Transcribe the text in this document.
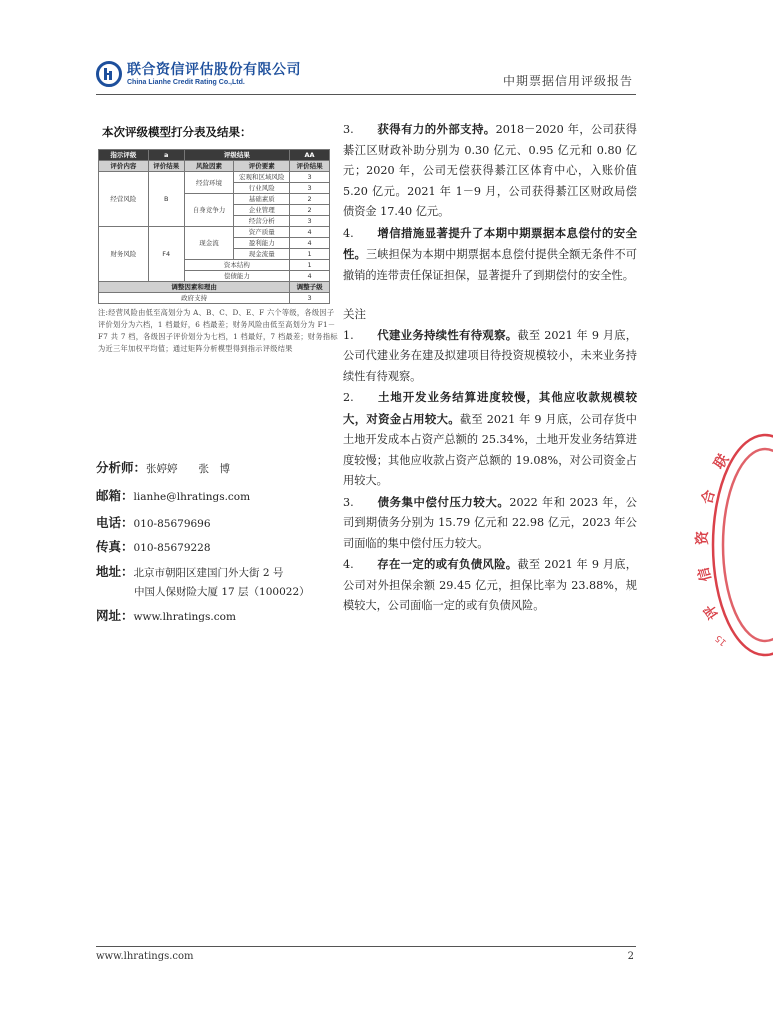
联合资信评估股份有限公司
China Lianhe Credit Rating Co.,Ltd.	中期票据信用评级报告
本次评级模型打分表及结果：
指示评级	a	评级结果		AA
评价内容	评价结果	风险因素	评价要素	评价结果
经营风险	B	经营环境	宏观和区域风险	3
			行业风险	3
		自身竞争力	基础素质	2
			企业管理	2
			经营分析	3
财务风险	F4	现金流	资产质量	4
			盈利能力	4
			现金流量	1
		资本结构		1
		偿债能力		4
调整因素和理由				调整子级
政府支持				3
注:经营风险由低至高划分为 A、B、C、D、E、F 六个等级，各级因子评价划分为六档，1 档最好，6 档最差；财务风险由低至高划分为 F1－F7 共 7 档，各级因子评价划分为七档，1 档最好，7 档最差；财务指标为近三年加权平均值；通过矩阵分析模型得到指示评级结果
分析师：张婷婷　　张　博
邮箱：lianhe@lhratings.com
电话：010-85679696
传真：010-85679228
地址：北京市朝阳区建国门外大街 2 号
中国人保财险大厦 17 层（100022）
网址：www.lhratings.com
3. 获得有力的外部支持。2018－2020 年，公司获得綦江区财政补助分别为 0.30 亿元、0.95 亿元和 0.80 亿元；2020 年，公司无偿获得綦江区体育中心，入账价值 5.20 亿元。2021 年 1－9 月，公司获得綦江区财政局偿债资金 17.40 亿元。
4. 增信措施显著提升了本期中期票据本息偿付的安全性。三峡担保为本期中期票据本息偿付提供全额无条件不可撤销的连带责任保证担保，显著提升了到期偿付的安全性。
关注
1. 代建业务持续性有待观察。截至 2021 年 9 月底，公司代建业务在建及拟建项目待投资规模较小，未来业务持续性有待观察。
2. 土地开发业务结算进度较慢，其他应收款规模较大，对资金占用较大。截至 2021 年 9 月底，公司存货中土地开发成本占资产总额的 25.34%，土地开发业务结算进度较慢；其他应收款占资产总额的 19.08%，对公司资金占用较大。
3. 债务集中偿付压力较大。2022 年和 2023 年，公司到期债务分别为 15.79 亿元和 22.98 亿元，2023 年公司面临的集中偿付压力较大。
4. 存在一定的或有负债风险。截至 2021 年 9 月底，公司对外担保余额 29.45 亿元，担保比率为 23.88%，规模较大，公司面临一定的或有负债风险。
联
合
资
信
评
15
www.lhratings.com	2
